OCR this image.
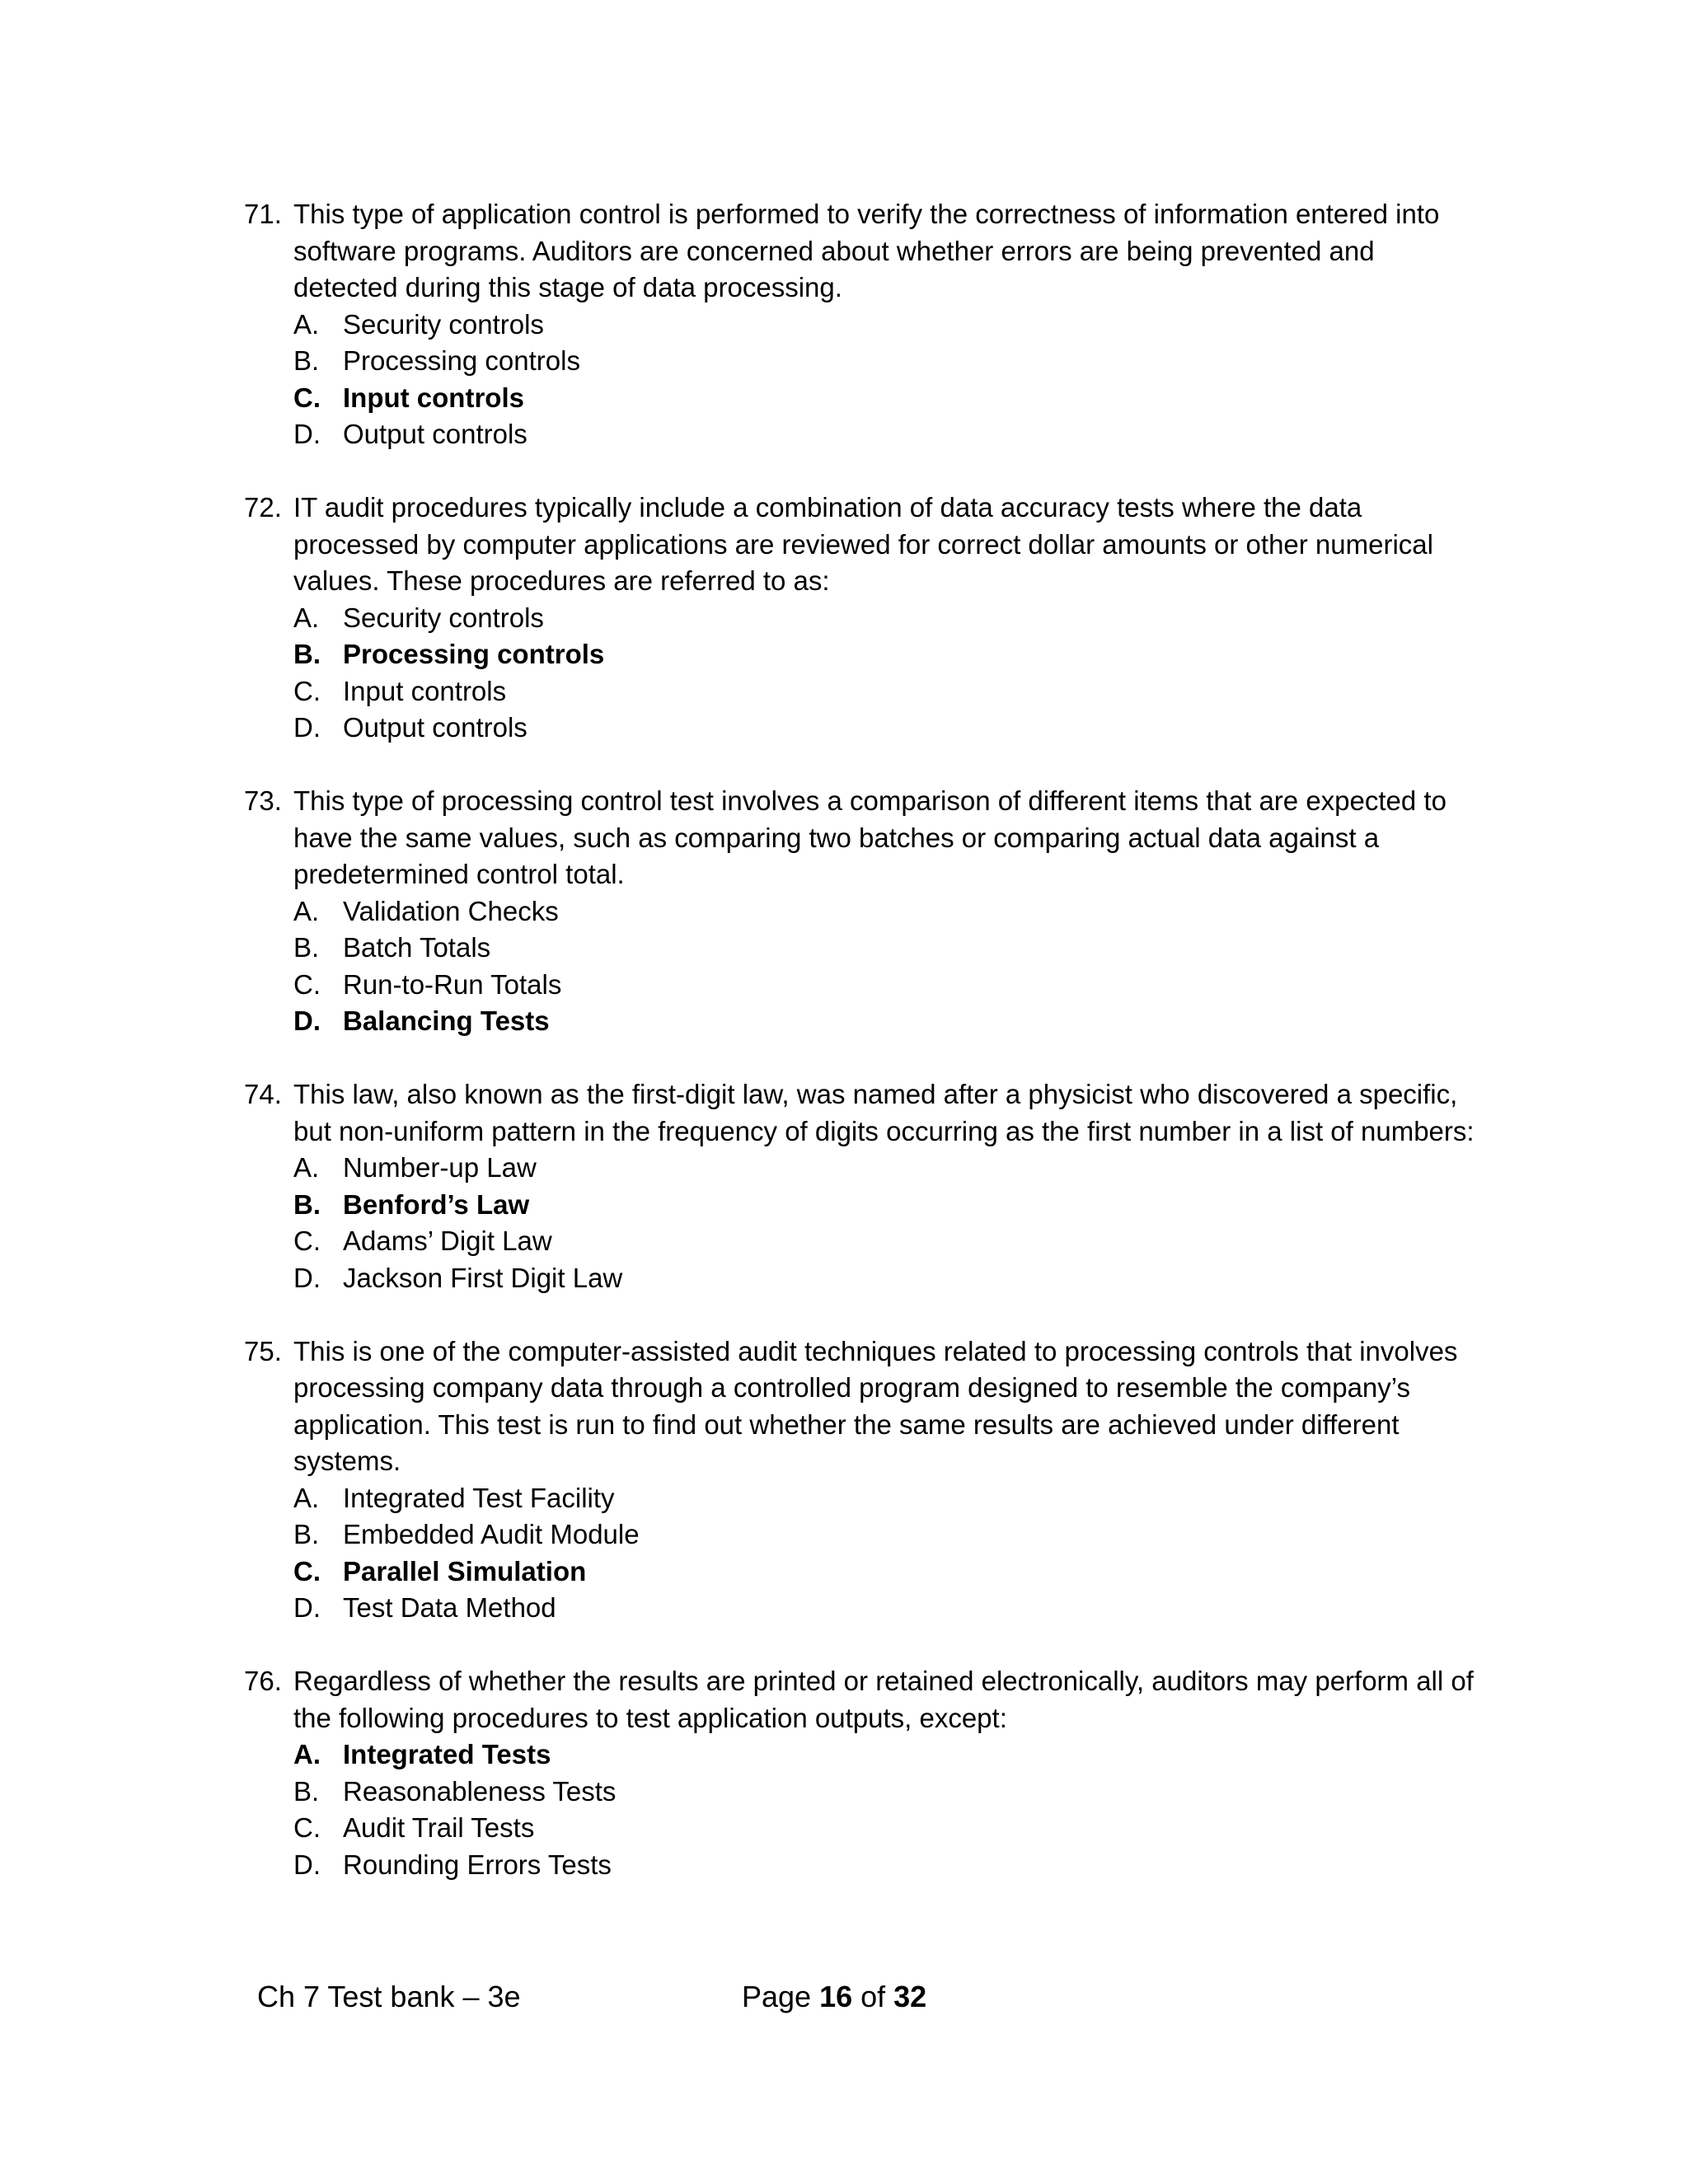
71. This type of application control is performed to verify the correctness of information entered into software programs. Auditors are concerned about whether errors are being prevented and detected during this stage of data processing.
A. Security controls
B. Processing controls
C. Input controls
D. Output controls
72. IT audit procedures typically include a combination of data accuracy tests where the data processed by computer applications are reviewed for correct dollar amounts or other numerical values. These procedures are referred to as:
A. Security controls
B. Processing controls
C. Input controls
D. Output controls
73. This type of processing control test involves a comparison of different items that are expected to have the same values, such as comparing two batches or comparing actual data against a predetermined control total.
A. Validation Checks
B. Batch Totals
C. Run-to-Run Totals
D. Balancing Tests
74. This law, also known as the first-digit law, was named after a physicist who discovered a specific, but non-uniform pattern in the frequency of digits occurring as the first number in a list of numbers:
A. Number-up Law
B. Benford’s Law
C. Adams’ Digit Law
D. Jackson First Digit Law
75. This is one of the computer-assisted audit techniques related to processing controls that involves processing company data through a controlled program designed to resemble the company’s application. This test is run to find out whether the same results are achieved under different systems.
A. Integrated Test Facility
B. Embedded Audit Module
C. Parallel Simulation
D. Test Data Method
76. Regardless of whether the results are printed or retained electronically, auditors may perform all of the following procedures to test application outputs, except:
A. Integrated Tests
B. Reasonableness Tests
C. Audit Trail Tests
D. Rounding Errors Tests
Ch 7 Test bank – 3e	Page 16 of 32
